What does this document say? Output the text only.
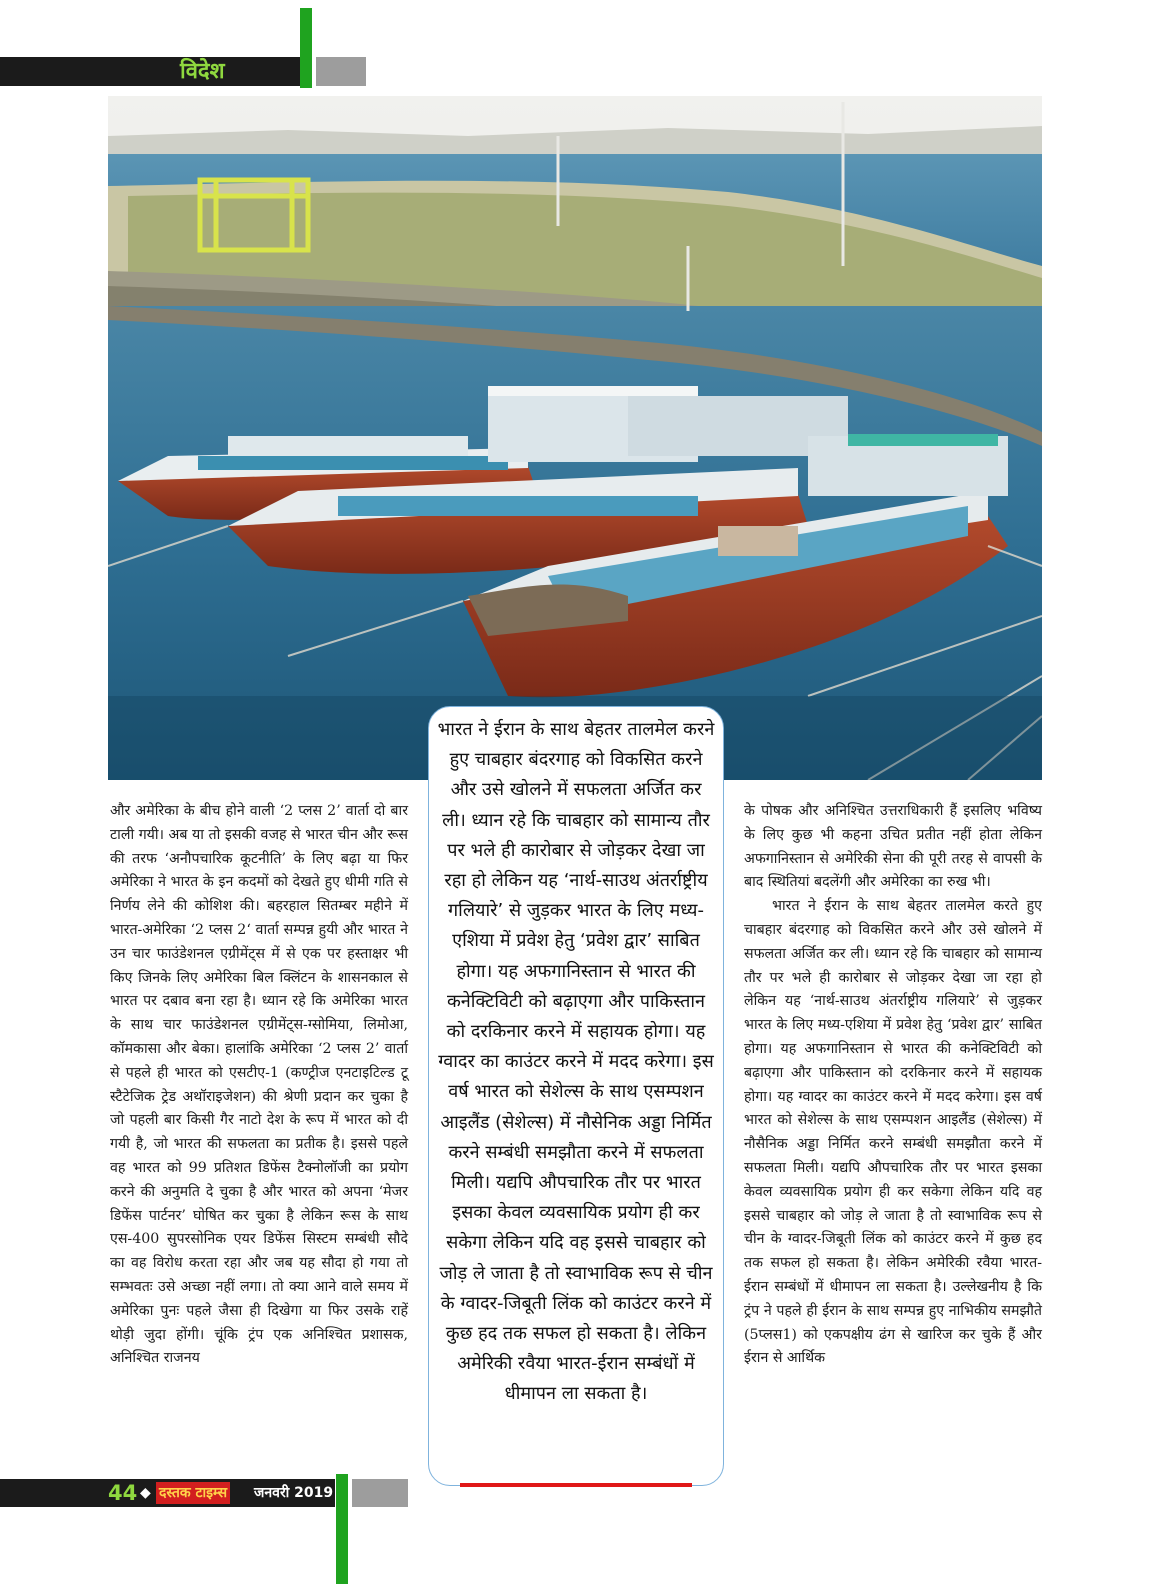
विदेश

और अमेरिका के बीच होने वाली ‘2 प्लस 2’ वार्ता दो बार टाली गयी। अब या तो इसकी वजह से भारत चीन और रूस की तरफ ‘अनौपचारिक कूटनीति’ के लिए बढ़ा या फिर अमेरिका ने भारत के इन कदमों को देखते हुए धीमी गति से निर्णय लेने की कोशिश की। बहरहाल सितम्बर महीने में भारत-अमेरिका ‘2 प्लस 2‘ वार्ता सम्पन्न हुयी और भारत ने उन चार फाउंडेशनल एग्रीमेंट्स में से एक पर हस्ताक्षर भी किए जिनके लिए अमेरिका बिल क्लिंटन के शासनकाल से भारत पर दबाव बना रहा है। ध्यान रहे कि अमेरिका भारत के साथ चार फाउंडेशनल एग्रीमेंट्स-ग्सोमिया, लिमोआ, कॉमकासा और बेका। हालांकि अमेरिका ‘2 प्लस 2’ वार्ता से पहले ही भारत को एसटीए-1 (कण्ट्रीज एनटाइटिल्ड टू स्टैटेजिक ट्रेड अथॉराइजेशन) की श्रेणी प्रदान कर चुका है जो पहली बार किसी गैर नाटो देश के रूप में भारत को दी गयी है, जो भारत की सफलता का प्रतीक है। इससे पहले वह भारत को 99 प्रतिशत डिफेंस टैक्नोलॉजी का प्रयोग करने की अनुमति दे चुका है और भारत को अपना ‘मेजर डिफेंस पार्टनर’ घोषित कर चुका है लेकिन रूस के साथ एस-400 सुपरसोनिक एयर डिफेंस सिस्टम सम्बंधी सौदे का वह विरोध करता रहा और जब यह सौदा हो गया तो सम्भवतः उसे अच्छा नहीं लगा। तो क्या आने वाले समय में अमेरिका पुनः पहले जैसा ही दिखेगा या फिर उसके राहें थोड़ी जुदा होंगी। चूंकि ट्रंप एक अनिश्चित प्रशासक, अनिश्चित राजनय

भारत ने ईरान के साथ बेहतर तालमेल करने हुए चाबहार बंदरगाह को विकसित करने और उसे खोलने में सफलता अर्जित कर ली। ध्यान रहे कि चाबहार को सामान्य तौर पर भले ही कारोबार से जोड़कर देखा जा रहा हो लेकिन यह ‘नार्थ-साउथ अंतर्राष्ट्रीय गलियारे’ से जुड़कर भारत के लिए मध्य-एशिया में प्रवेश हेतु ‘प्रवेश द्वार’ साबित होगा। यह अफगानिस्तान से भारत की कनेक्टिविटी को बढ़ाएगा और पाकिस्तान को दरकिनार करने में सहायक होगा। यह ग्वादर का काउंटर करने में मदद करेगा। इस वर्ष भारत को सेशेल्स के साथ एसम्पशन आइलैंड (सेशेल्स) में नौसेनिक अड्डा निर्मित करने सम्बंधी समझौता करने में सफलता मिली। यद्यपि औपचारिक तौर पर भारत इसका केवल व्यवसायिक प्रयोग ही कर सकेगा लेकिन यदि वह इससे चाबहार को जोड़ ले जाता है तो स्वाभाविक रूप से चीन के ग्वादर-जिबूती लिंक को काउंटर करने में कुछ हद तक सफल हो सकता है। लेकिन अमेरिकी रवैया भारत-ईरान सम्बंधों में धीमापन ला सकता है।

के पोषक और अनिश्चित उत्तराधिकारी हैं इसलिए भविष्य के लिए कुछ भी कहना उचित प्रतीत नहीं होता लेकिन अफगानिस्तान से अमेरिकी सेना की पूरी तरह से वापसी के बाद स्थितियां बदलेंगी और अमेरिका का रुख भी।

भारत ने ईरान के साथ बेहतर तालमेल करते हुए चाबहार बंदरगाह को विकसित करने और उसे खोलने में सफलता अर्जित कर ली। ध्यान रहे कि चाबहार को सामान्य तौर पर भले ही कारोबार से जोड़कर देखा जा रहा हो लेकिन यह ‘नार्थ-साउथ अंतर्राष्ट्रीय गलियारे’ से जुड़कर भारत के लिए मध्य-एशिया में प्रवेश हेतु ‘प्रवेश द्वार’ साबित होगा। यह अफगानिस्तान से भारत की कनेक्टिविटी को बढ़ाएगा और पाकिस्तान को दरकिनार करने में सहायक होगा। यह ग्वादर का काउंटर करने में मदद करेगा। इस वर्ष भारत को सेशेल्स के साथ एसम्पशन आइलैंड (सेशेल्स) में नौसैनिक अड्डा निर्मित करने सम्बंधी समझौता करने में सफलता मिली। यद्यपि औपचारिक तौर पर भारत इसका केवल व्यवसायिक प्रयोग ही कर सकेगा लेकिन यदि वह इससे चाबहार को जोड़ ले जाता है तो स्वाभाविक रूप से चीन के ग्वादर-जिबूती लिंक को काउंटर करने में कुछ हद तक सफल हो सकता है। लेकिन अमेरिकी रवैया भारत-ईरान सम्बंधों में धीमापन ला सकता है। उल्लेखनीय है कि ट्रंप ने पहले ही ईरान के साथ सम्पन्न हुए नाभिकीय समझौते (5प्लस1) को एकपक्षीय ढंग से खारिज कर चुके हैं और ईरान से आर्थिक

44 ◆ दस्तक टाइम्स जनवरी 2019
